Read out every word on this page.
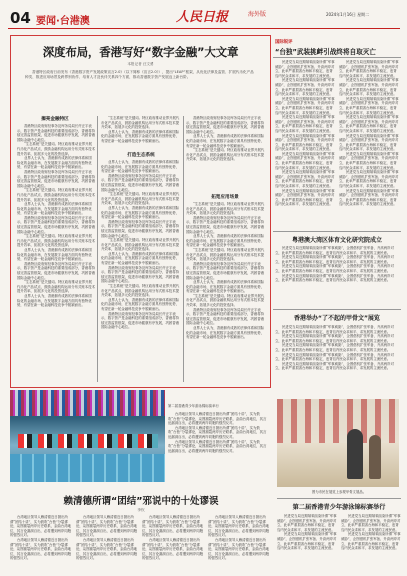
04 要闻·台港澳	人民日报	海外版	2024年1月16日 星期二
深度布局，香港写好“数字金融”大文章
本报记者 汪文勇
香港特区政府日前发布《香港数字资产发展政策宣言2.0》（以下简称《宣言2.0》），提出“LEAP”框架，从优化法律及监管、扩展代币化产品种类、推进应用场景及跨界别协作、培育人才及伙伴关系四个方面，推动香港数字资产发展迈上新台阶。
擦亮金融特区
打造生态系统
拓宽应用场景

香港特区政府财经事务及库务局局长许正宇表示，数字资产是金融科技的重要组成部分，香港将持续完善监管框架，促进市场健康有序发展，巩固香港国际金融中心地位。

“生态系统”是关键词。特区政府推动业界开展代币化产品试点，鼓励金融机构运用分布式账本技术提升效率，拓展多元化的投资选择。

业界人士认为，香港拥有成熟的法律体系和国际化的金融市场，在发展数字金融方面具有独特优势，有望在新一轮金融科技竞争中脱颖而出。

香港特区政府财经事务及库务局局长许正宇表示，数字资产是金融科技的重要组成部分，香港将持续完善监管框架，促进市场健康有序发展，巩固香港国际金融中心地位。

“生态系统”是关键词。特区政府推动业界开展代币化产品试点，鼓励金融机构运用分布式账本技术提升效率，拓展多元化的投资选择。

业界人士认为，香港拥有成熟的法律体系和国际化的金融市场，在发展数字金融方面具有独特优势，有望在新一轮金融科技竞争中脱颖而出。

香港特区政府财经事务及库务局局长许正宇表示，数字资产是金融科技的重要组成部分，香港将持续完善监管框架，促进市场健康有序发展，巩固香港国际金融中心地位。

“生态系统”是关键词。特区政府推动业界开展代币化产品试点，鼓励金融机构运用分布式账本技术提升效率，拓展多元化的投资选择。

业界人士认为，香港拥有成熟的法律体系和国际化的金融市场，在发展数字金融方面具有独特优势，有望在新一轮金融科技竞争中脱颖而出。

香港特区政府财经事务及库务局局长许正宇表示，数字资产是金融科技的重要组成部分，香港将持续完善监管框架，促进市场健康有序发展，巩固香港国际金融中心地位。

“生态系统”是关键词。特区政府推动业界开展代币化产品试点，鼓励金融机构运用分布式账本技术提升效率，拓展多元化的投资选择。

业界人士认为，香港拥有成熟的法律体系和国际化的金融市场，在发展数字金融方面具有独特优势，有望在新一轮金融科技竞争中脱颖而出。

“生态系统”是关键词。特区政府推动业界开展代币化产品试点，鼓励金融机构运用分布式账本技术提升效率，拓展多元化的投资选择。

业界人士认为，香港拥有成熟的法律体系和国际化的金融市场，在发展数字金融方面具有独特优势，有望在新一轮金融科技竞争中脱颖而出。

业界人士认为，香港拥有成熟的法律体系和国际化的金融市场，在发展数字金融方面具有独特优势，有望在新一轮金融科技竞争中脱颖而出。

香港特区政府财经事务及库务局局长许正宇表示，数字资产是金融科技的重要组成部分，香港将持续完善监管框架，促进市场健康有序发展，巩固香港国际金融中心地位。

“生态系统”是关键词。特区政府推动业界开展代币化产品试点，鼓励金融机构运用分布式账本技术提升效率，拓展多元化的投资选择。

业界人士认为，香港拥有成熟的法律体系和国际化的金融市场，在发展数字金融方面具有独特优势，有望在新一轮金融科技竞争中脱颖而出。

香港特区政府财经事务及库务局局长许正宇表示，数字资产是金融科技的重要组成部分，香港将持续完善监管框架，促进市场健康有序发展，巩固香港国际金融中心地位。

“生态系统”是关键词。特区政府推动业界开展代币化产品试点，鼓励金融机构运用分布式账本技术提升效率，拓展多元化的投资选择。

业界人士认为，香港拥有成熟的法律体系和国际化的金融市场，在发展数字金融方面具有独特优势，有望在新一轮金融科技竞争中脱颖而出。

香港特区政府财经事务及库务局局长许正宇表示，数字资产是金融科技的重要组成部分，香港将持续完善监管框架，促进市场健康有序发展，巩固香港国际金融中心地位。

“生态系统”是关键词。特区政府推动业界开展代币化产品试点，鼓励金融机构运用分布式账本技术提升效率，拓展多元化的投资选择。

业界人士认为，香港拥有成熟的法律体系和国际化的金融市场，在发展数字金融方面具有独特优势，有望在新一轮金融科技竞争中脱颖而出。

香港特区政府财经事务及库务局局长许正宇表示，数字资产是金融科技的重要组成部分，香港将持续完善监管框架，促进市场健康有序发展，巩固香港国际金融中心地位。

香港特区政府财经事务及库务局局长许正宇表示，数字资产是金融科技的重要组成部分，香港将持续完善监管框架，促进市场健康有序发展，巩固香港国际金融中心地位。

业界人士认为，香港拥有成熟的法律体系和国际化的金融市场，在发展数字金融方面具有独特优势，有望在新一轮金融科技竞争中脱颖而出。

“生态系统”是关键词。特区政府推动业界开展代币化产品试点，鼓励金融机构运用分布式账本技术提升效率，拓展多元化的投资选择。

“生态系统”是关键词。特区政府推动业界开展代币化产品试点，鼓励金融机构运用分布式账本技术提升效率，拓展多元化的投资选择。

香港特区政府财经事务及库务局局长许正宇表示，数字资产是金融科技的重要组成部分，香港将持续完善监管框架，促进市场健康有序发展，巩固香港国际金融中心地位。

业界人士认为，香港拥有成熟的法律体系和国际化的金融市场，在发展数字金融方面具有独特优势，有望在新一轮金融科技竞争中脱颖而出。

“生态系统”是关键词。特区政府推动业界开展代币化产品试点，鼓励金融机构运用分布式账本技术提升效率，拓展多元化的投资选择。

香港特区政府财经事务及库务局局长许正宇表示，数字资产是金融科技的重要组成部分，香港将持续完善监管框架，促进市场健康有序发展，巩固香港国际金融中心地位。

业界人士认为，香港拥有成熟的法律体系和国际化的金融市场，在发展数字金融方面具有独特优势，有望在新一轮金融科技竞争中脱颖而出。

“生态系统”是关键词。特区政府推动业界开展代币化产品试点，鼓励金融机构运用分布式账本技术提升效率，拓展多元化的投资选择。

香港特区政府财经事务及库务局局长许正宇表示，数字资产是金融科技的重要组成部分，香港将持续完善监管框架，促进市场健康有序发展，巩固香港国际金融中心地位。

业界人士认为，香港拥有成熟的法律体系和国际化的金融市场，在发展数字金融方面具有独特优势，有望在新一轮金融科技竞争中脱颖而出。

国际锐评
“台独”武装挑衅引战终将自取灭亡

民进党当局近期频频渲染所谓“军事威胁”，企图借机扩张军备、升高两岸对立，此举严重损害台海和平稳定，违背岛内民众求和平、求发展的主流民意。

民进党当局近期频频渲染所谓“军事威胁”，企图借机扩张军备、升高两岸对立，此举严重损害台海和平稳定，违背岛内民众求和平、求发展的主流民意。

民进党当局近期频频渲染所谓“军事威胁”，企图借机扩张军备、升高两岸对立，此举严重损害台海和平稳定，违背岛内民众求和平、求发展的主流民意。

民进党当局近期频频渲染所谓“军事威胁”，企图借机扩张军备、升高两岸对立，此举严重损害台海和平稳定，违背岛内民众求和平、求发展的主流民意。

民进党当局近期频频渲染所谓“军事威胁”，企图借机扩张军备、升高两岸对立，此举严重损害台海和平稳定，违背岛内民众求和平、求发展的主流民意。

民进党当局近期频频渲染所谓“军事威胁”，企图借机扩张军备、升高两岸对立，此举严重损害台海和平稳定，违背岛内民众求和平、求发展的主流民意。

民进党当局近期频频渲染所谓“军事威胁”，企图借机扩张军备、升高两岸对立，此举严重损害台海和平稳定，违背岛内民众求和平、求发展的主流民意。

民进党当局近期频频渲染所谓“军事威胁”，企图借机扩张军备、升高两岸对立，此举严重损害台海和平稳定，违背岛内民众求和平、求发展的主流民意。

民进党当局近期频频渲染所谓“军事威胁”，企图借机扩张军备、升高两岸对立，此举严重损害台海和平稳定，违背岛内民众求和平、求发展的主流民意。

民进党当局近期频频渲染所谓“军事威胁”，企图借机扩张军备、升高两岸对立，此举严重损害台海和平稳定，违背岛内民众求和平、求发展的主流民意。

民进党当局近期频频渲染所谓“军事威胁”，企图借机扩张军备、升高两岸对立，此举严重损害台海和平稳定，违背岛内民众求和平、求发展的主流民意。

民进党当局近期频频渲染所谓“军事威胁”，企图借机扩张军备、升高两岸对立，此举严重损害台海和平稳定，违背岛内民众求和平、求发展的主流民意。

民进党当局近期频频渲染所谓“军事威胁”，企图借机扩张军备、升高两岸对立，此举严重损害台海和平稳定，违背岛内民众求和平、求发展的主流民意。

民进党当局近期频频渲染所谓“军事威胁”，企图借机扩张军备、升高两岸对立，此举严重损害台海和平稳定，违背岛内民众求和平、求发展的主流民意。

民进党当局近期频频渲染所谓“军事威胁”，企图借机扩张军备、升高两岸对立，此举严重损害台海和平稳定，违背岛内民众求和平、求发展的主流民意。

民进党当局近期频频渲染所谓“军事威胁”，企图借机扩张军备、升高两岸对立，此举严重损害台海和平稳定，违背岛内民众求和平、求发展的主流民意。

粤港澳大湾区体育文化研究院成立

民进党当局近期频频渲染所谓“军事威胁”，企图借机扩张军备、升高两岸对立，此举严重损害台海和平稳定，违背岛内民众求和平、求发展的主流民意。

民进党当局近期频频渲染所谓“军事威胁”，企图借机扩张军备、升高两岸对立，此举严重损害台海和平稳定，违背岛内民众求和平、求发展的主流民意。

民进党当局近期频频渲染所谓“军事威胁”，企图借机扩张军备、升高两岸对立，此举严重损害台海和平稳定，违背岛内民众求和平、求发展的主流民意。

民进党当局近期频频渲染所谓“军事威胁”，企图借机扩张军备、升高两岸对立，此举严重损害台海和平稳定，违背岛内民众求和平、求发展的主流民意。

香港举办“了不起的甲骨文”展览

民进党当局近期频频渲染所谓“军事威胁”，企图借机扩张军备、升高两岸对立，此举严重损害台海和平稳定，违背岛内民众求和平、求发展的主流民意。

民进党当局近期频频渲染所谓“军事威胁”，企图借机扩张军备、升高两岸对立，此举严重损害台海和平稳定，违背岛内民众求和平、求发展的主流民意。

民进党当局近期频频渲染所谓“军事威胁”，企图借机扩张军备、升高两岸对立，此举严重损害台海和平稳定，违背岛内民众求和平、求发展的主流民意。

民进党当局近期频频渲染所谓“军事威胁”，企图借机扩张军备、升高两岸对立，此举严重损害台海和平稳定，违背岛内民众求和平、求发展的主流民意。

民进党当局近期频频渲染所谓“军事威胁”，企图借机扩张军备、升高两岸对立，此举严重损害台海和平稳定，违背岛内民众求和平、求发展的主流民意。

图为市民在展览上参观甲骨文展品。
第二届香港青少年游泳锦标赛举行

台湾地区领导人赖清德近日抛出所谓“团结十讲”，实为鼓吹“台独”分裂谬论，妄图割裂两岸历史联系，歪曲台湾地位，其言论漏洞百出，必将遭到两岸同胞的强烈反对。

台湾地区领导人赖清德近日抛出所谓“团结十讲”，实为鼓吹“台独”分裂谬论，妄图割裂两岸历史联系，歪曲台湾地位，其言论漏洞百出，必将遭到两岸同胞的强烈反对。

台湾地区领导人赖清德近日抛出所谓“团结十讲”，实为鼓吹“台独”分裂谬论，妄图割裂两岸历史联系，歪曲台湾地位，其言论漏洞百出，必将遭到两岸同胞的强烈反对。

赖清德所谓“团结”邪说中的十处谬误
李钦

台湾地区领导人赖清德近日抛出所谓“团结十讲”，实为鼓吹“台独”分裂谬论，妄图割裂两岸历史联系，歪曲台湾地位，其言论漏洞百出，必将遭到两岸同胞的强烈反对。

台湾地区领导人赖清德近日抛出所谓“团结十讲”，实为鼓吹“台独”分裂谬论，妄图割裂两岸历史联系，歪曲台湾地位，其言论漏洞百出，必将遭到两岸同胞的强烈反对。

台湾地区领导人赖清德近日抛出所谓“团结十讲”，实为鼓吹“台独”分裂谬论，妄图割裂两岸历史联系，歪曲台湾地位，其言论漏洞百出，必将遭到两岸同胞的强烈反对。

台湾地区领导人赖清德近日抛出所谓“团结十讲”，实为鼓吹“台独”分裂谬论，妄图割裂两岸历史联系，歪曲台湾地位，其言论漏洞百出，必将遭到两岸同胞的强烈反对。

台湾地区领导人赖清德近日抛出所谓“团结十讲”，实为鼓吹“台独”分裂谬论，妄图割裂两岸历史联系，歪曲台湾地位，其言论漏洞百出，必将遭到两岸同胞的强烈反对。

台湾地区领导人赖清德近日抛出所谓“团结十讲”，实为鼓吹“台独”分裂谬论，妄图割裂两岸历史联系，歪曲台湾地位，其言论漏洞百出，必将遭到两岸同胞的强烈反对。

台湾地区领导人赖清德近日抛出所谓“团结十讲”，实为鼓吹“台独”分裂谬论，妄图割裂两岸历史联系，歪曲台湾地位，其言论漏洞百出，必将遭到两岸同胞的强烈反对。

台湾地区领导人赖清德近日抛出所谓“团结十讲”，实为鼓吹“台独”分裂谬论，妄图割裂两岸历史联系，歪曲台湾地位，其言论漏洞百出，必将遭到两岸同胞的强烈反对。

第二届香港青少年游泳锦标赛举行

民进党当局近期频频渲染所谓“军事威胁”，企图借机扩张军备、升高两岸对立，此举严重损害台海和平稳定，违背岛内民众求和平、求发展的主流民意。

民进党当局近期频频渲染所谓“军事威胁”，企图借机扩张军备、升高两岸对立，此举严重损害台海和平稳定，违背岛内民众求和平、求发展的主流民意。

民进党当局近期频频渲染所谓“军事威胁”，企图借机扩张军备、升高两岸对立，此举严重损害台海和平稳定，违背岛内民众求和平、求发展的主流民意。

民进党当局近期频频渲染所谓“军事威胁”，企图借机扩张军备、升高两岸对立，此举严重损害台海和平稳定，违背岛内民众求和平、求发展的主流民意。
